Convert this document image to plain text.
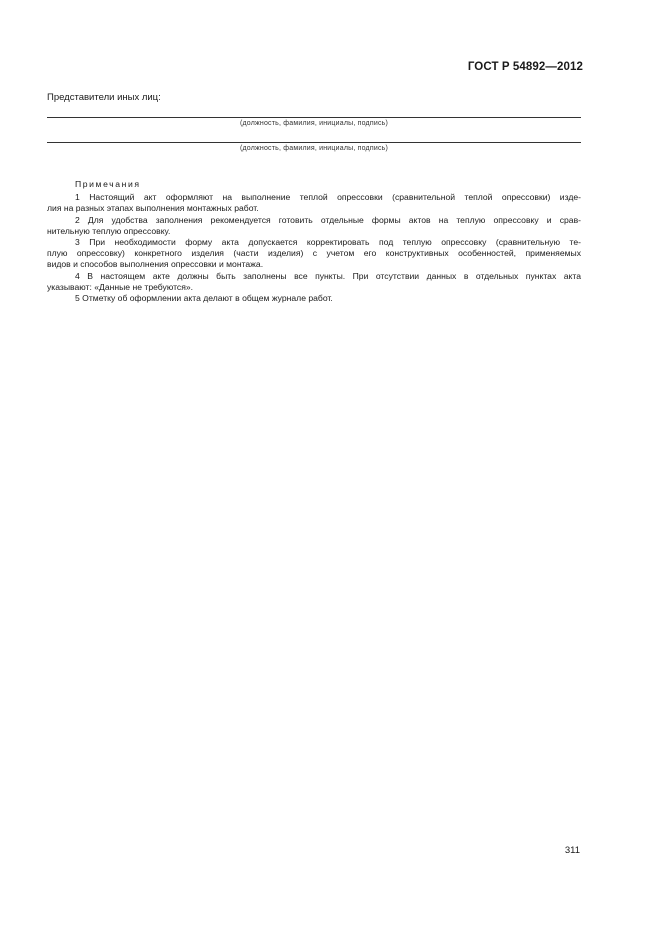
ГОСТ Р 54892—2012
Представители иных лиц:
(должность, фамилия, инициалы, подпись)
(должность, фамилия, инициалы, подпись)
Примечания
1 Настоящий акт оформляют на выполнение теплой опрессовки (сравнительной теплой опрессовки) изде-
лия на разных этапах выполнения монтажных работ.
2 Для удобства заполнения рекомендуется готовить отдельные формы актов на теплую опрессовку и срав-
нительную теплую опрессовку.
3 При необходимости форму акта допускается корректировать под теплую опрессовку (сравнительную те-
плую опрессовку) конкретного изделия (части изделия) с учетом его конструктивных особенностей, применяемых
видов и способов выполнения опрессовки и монтажа.
4 В настоящем акте должны быть заполнены все пункты. При отсутствии данных в отдельных пунктах акта
указывают: «Данные не требуются».
5 Отметку об оформлении акта делают в общем журнале работ.
311
